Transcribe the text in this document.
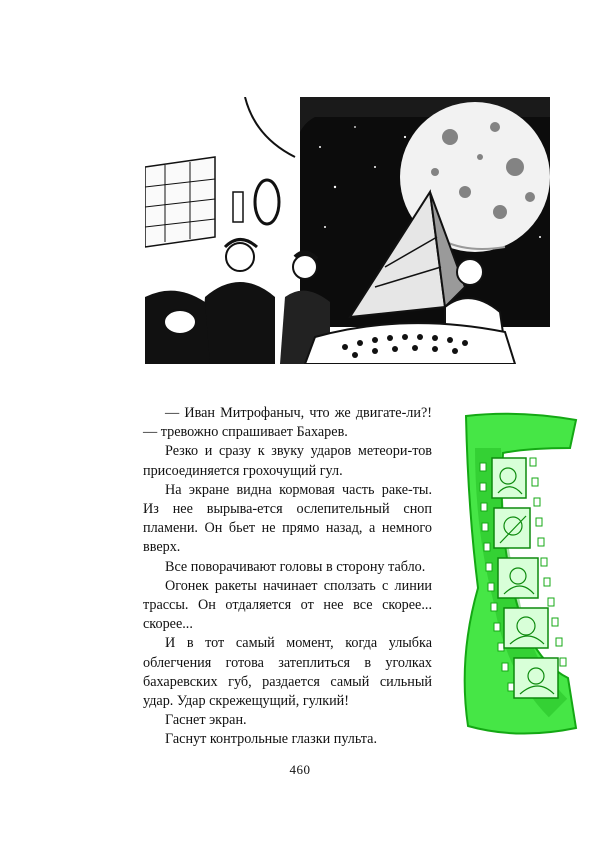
— Иван Митрофаныч, что же двигате-ли?! — тревожно спрашивает Бахарев.

Резко и сразу к звуку ударов метеори-тов присоединяется грохочущий гул.

На экране видна кормовая часть раке-ты. Из нее вырыва-ется ослепительный сноп пламени. Он бьет не прямо назад, а немного вверх.

Все поворачивают головы в сторону табло.

Огонек ракеты начинает сползать с линии трассы. Он отдаляется от нее все скорее... скорее...

И в тот самый момент, когда улыбка облегчения готова затеплиться в уголках бахаревских губ, раздается самый сильный удар. Удар скрежещущий, гулкий!

Гаснет экран.

Гаснут контрольные глазки пульта.

460
